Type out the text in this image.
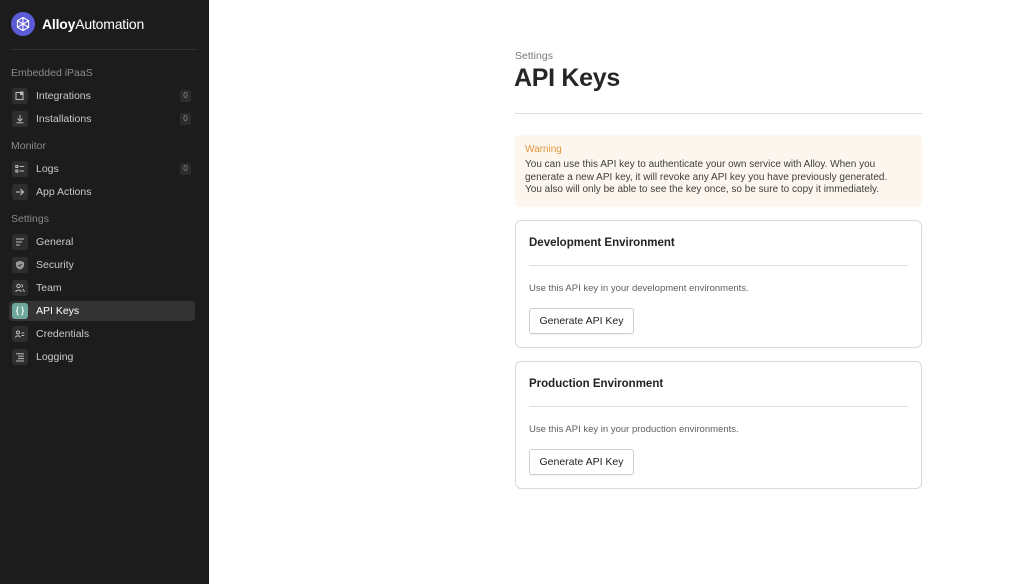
AlloyAutomation
Embedded iPaaS
Integrations	0
Installations	0
Monitor
Logs	0
App Actions
Settings
General
Security
Team
API Keys
Credentials
Logging
Settings
API Keys
Warning
You can use this API key to authenticate your own service with Alloy. When you
generate a new API key, it will revoke any API key you have previously generated.
You also will only be able to see the key once, so be sure to copy it immediately.
Development Environment

Use this API key in your development environments.

Generate API Key
Production Environment

Use this API key in your production environments.

Generate API Key
